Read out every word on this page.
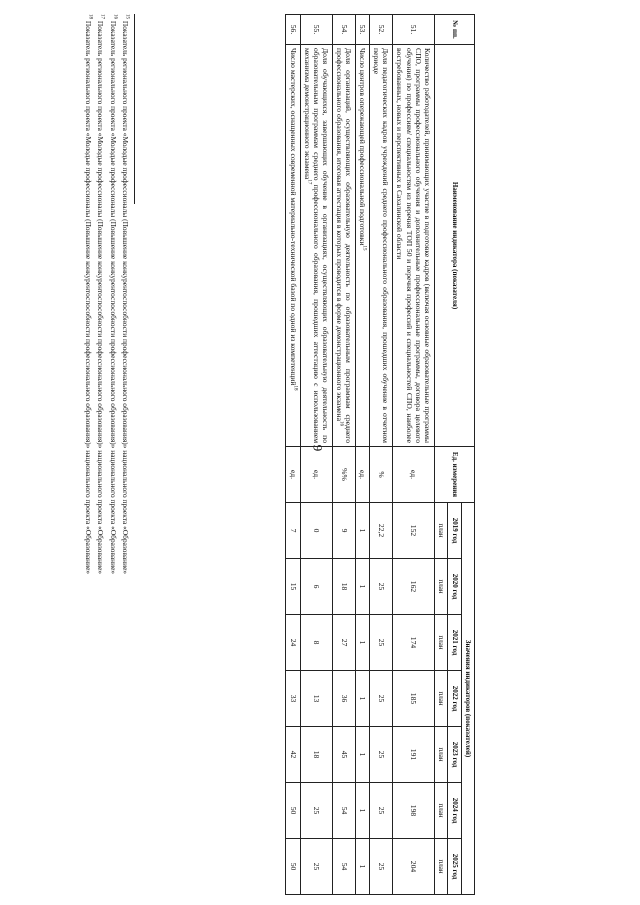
9
№ пп.	Наименование индикатора (показателя)	Ед. измерения	Значения индикаторов (показателей)						
			2019 год	2020 год	2021 год	2022 год	2023 год	2024 год	2025 год
			план	план	план	план	план	план	план
51.	Количество работодателей, принимающих участие в подготовке кадров (включая основные образовательные программы СПО, программы профессионального обучения и дополнительные профессиональные программы, договора целевого обучения) по профессиям/ специальностям из перечня ТОП 50 и перечня профессий и специальностей СПО, наиболее востребованных, новых и перспективных в Сахалинской области	ед.	152	162	174	185	191	198	204
52.	Доля педагогических кадров учреждений среднего профессионального образования, прошедших обучение в отчетном периоде	%	22,2	25	25	25	25	25	25
53.	Число центров опережающей профессиональной подготовки$^{15}$	ед.	1	1	1	1	1	1	1
54.	Доля организаций, осуществляющих образовательную деятельность по образовательным программам среднего профессионального образования, итоговая аттестация в которых проводится в форме демонстрационного экзамена$^{16}$	%%	9	18	27	36	45	54	54
55.	Доля обучающихся, завершающих обучение в организациях, осуществляющих образовательную деятельность по образовательным программам среднего профессионального образования, прошедших аттестацию с использованием механизма демонстрационного экзамена$^{17}$	ед.	0	6	8	13	18	25	25
56.	Число мастерских, оснащенных современной материально-технической базой по одной из компетенций$^{18}$	ед.	7	15	24	33	42	50	50

$^{15}$ Показатель регионального проекта «Молодые профессионалы (Повышение конкурентоспособности профессионального образования)» национального проекта «Образование»

$^{16}$ Показатель регионального проекта «Молодые профессионалы (Повышение конкурентоспособности профессионального образования)» национального проекта «Образование»

$^{17}$ Показатель регионального проекта «Молодые профессионалы (Повышение конкурентоспособности профессионального образования)» национального проекта «Образование»

$^{18}$ Показатель регионального проекта «Молодые профессионалы (Повышение конкурентоспособности профессионального образования)» национального проекта «Образование»
